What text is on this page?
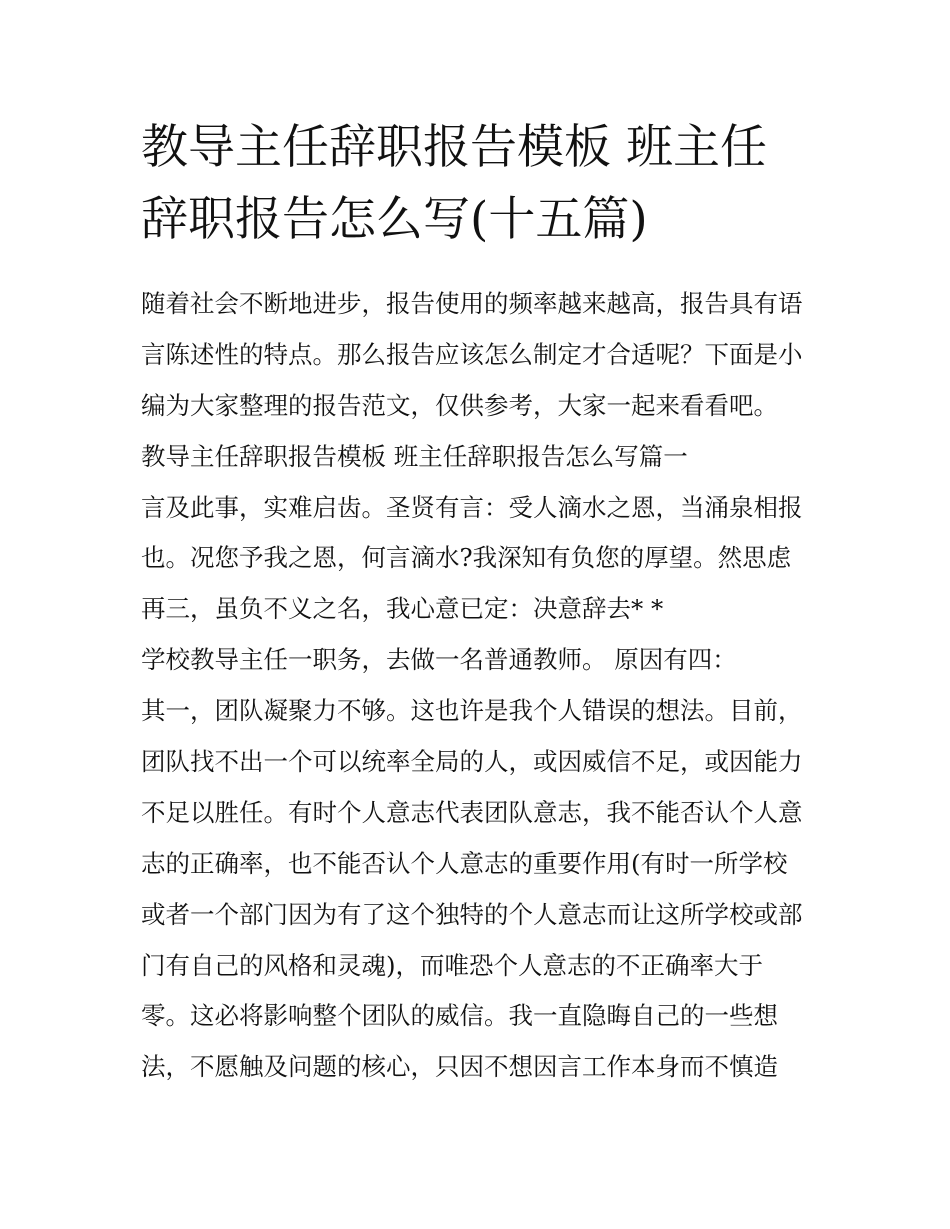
教导主任辞职报告模板 班主任
辞职报告怎么写(十五篇)
随着社会不断地进步，报告使用的频率越来越高，报告具有语
言陈述性的特点。那么报告应该怎么制定才合适呢？下面是小
编为大家整理的报告范文，仅供参考，大家一起来看看吧。
教导主任辞职报告模板 班主任辞职报告怎么写篇一
言及此事，实难启齿。圣贤有言：受人滴水之恩，当涌泉相报
也。况您予我之恩，何言滴水?我深知有负您的厚望。然思虑
再三，虽负不义之名，我心意已定：决意辞去* *
学校教导主任一职务，去做一名普通教师。 原因有四：
其一，团队凝聚力不够。这也许是我个人错误的想法。目前，
团队找不出一个可以统率全局的人，或因威信不足，或因能力
不足以胜任。有时个人意志代表团队意志，我不能否认个人意
志的正确率，也不能否认个人意志的重要作用(有时一所学校
或者一个部门因为有了这个独特的个人意志而让这所学校或部
门有自己的风格和灵魂)，而唯恐个人意志的不正确率大于
零。这必将影响整个团队的威信。我一直隐晦自己的一些想
法，不愿触及问题的核心，只因不想因言工作本身而不慎造
